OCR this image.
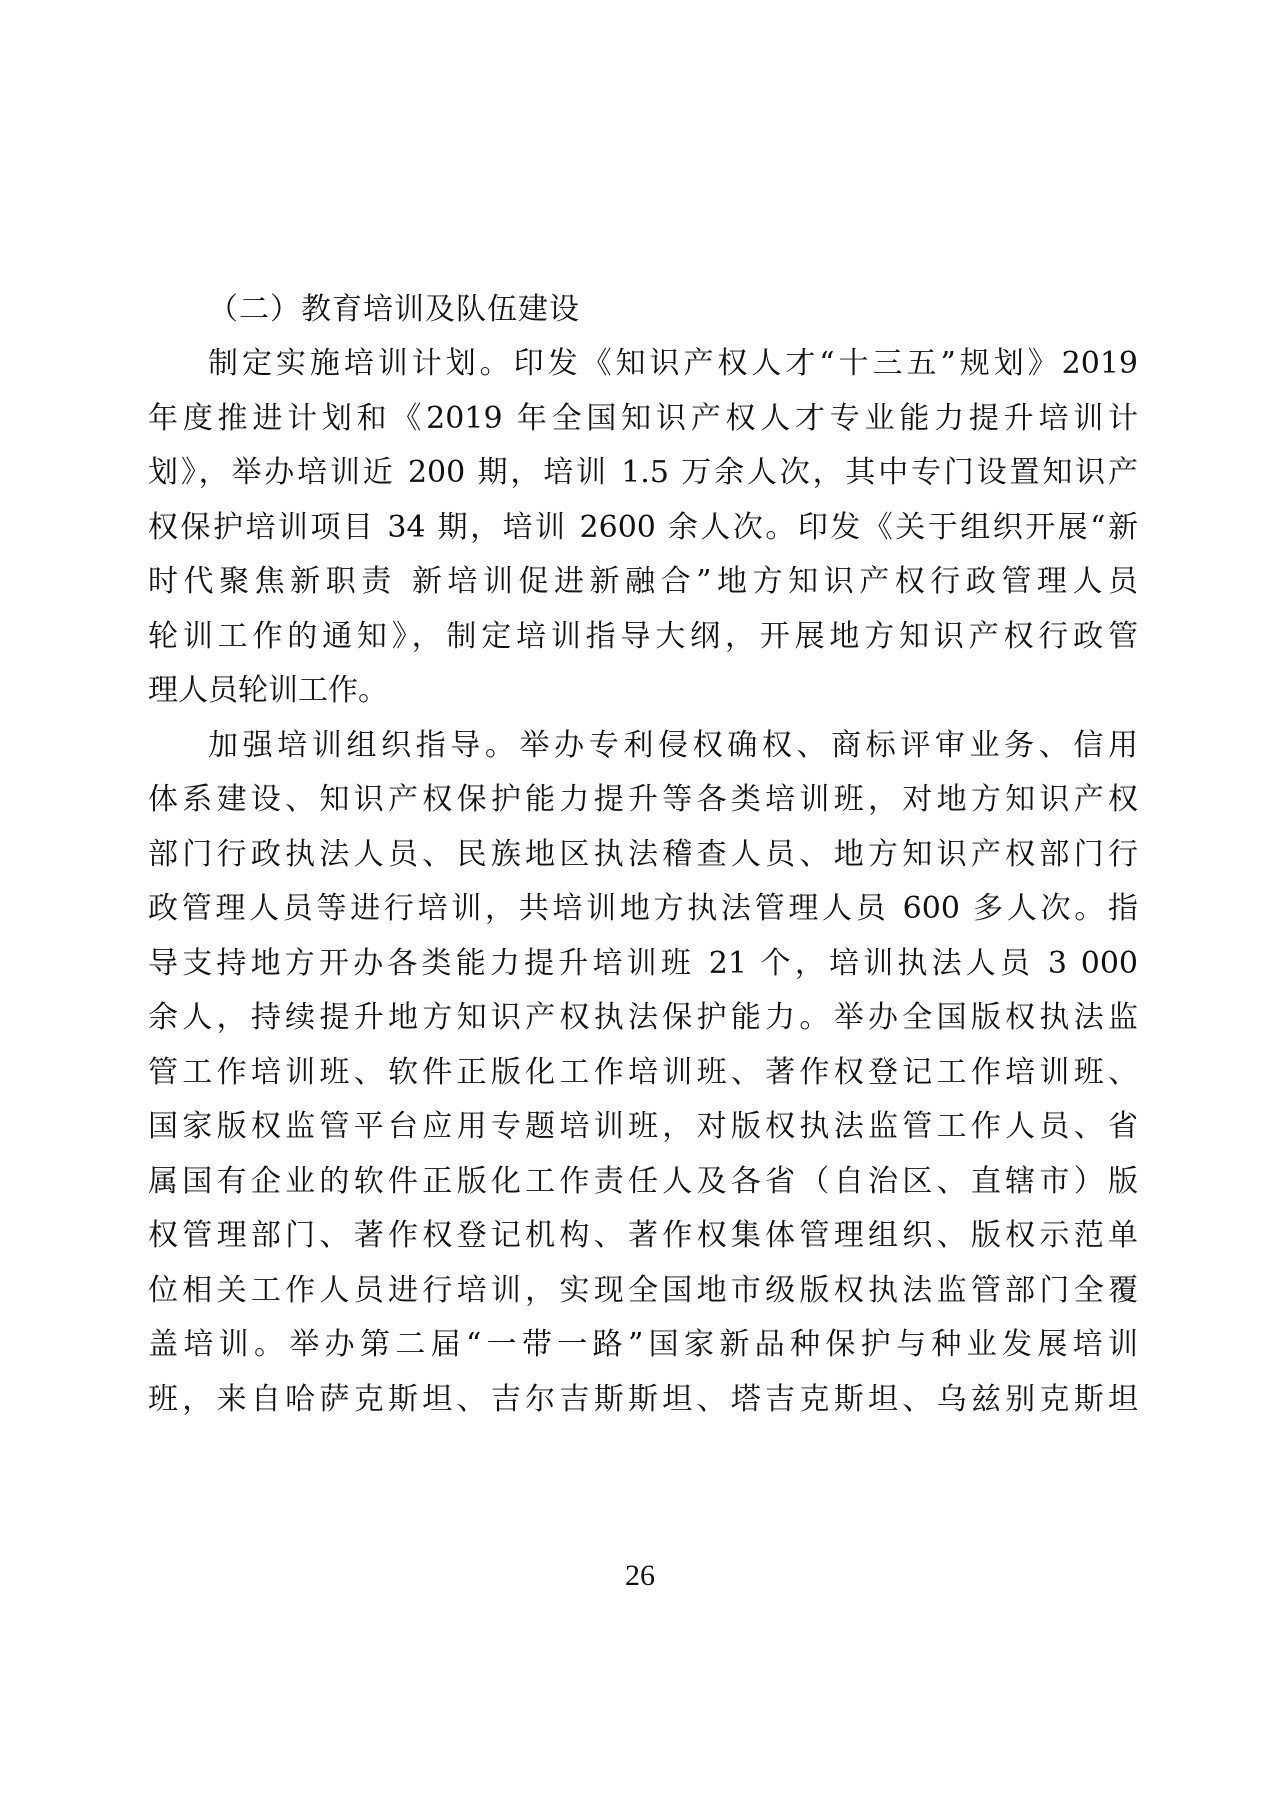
（二）教育培训及队伍建设

制定实施培训计划。印发《知识产权人才“十三五”规划》2019
年度推进计划和《2019 年全国知识产权人才专业能力提升培训计
划》，举办培训近 200 期，培训 1.5 万余人次，其中专门设置知识产
权保护培训项目 34 期，培训 2600 余人次。印发《关于组织开展“新
时代聚焦新职责 新培训促进新融合”地方知识产权行政管理人员
轮训工作的通知》，制定培训指导大纲，开展地方知识产权行政管
理人员轮训工作。

加强培训组织指导。举办专利侵权确权、商标评审业务、信用
体系建设、知识产权保护能力提升等各类培训班，对地方知识产权
部门行政执法人员、民族地区执法稽查人员、地方知识产权部门行
政管理人员等进行培训，共培训地方执法管理人员 600 多人次。指
导支持地方开办各类能力提升培训班 21 个，培训执法人员 3 000
余人，持续提升地方知识产权执法保护能力。举办全国版权执法监
管工作培训班、软件正版化工作培训班、著作权登记工作培训班、
国家版权监管平台应用专题培训班，对版权执法监管工作人员、省
属国有企业的软件正版化工作责任人及各省（自治区、直辖市）版
权管理部门、著作权登记机构、著作权集体管理组织、版权示范单
位相关工作人员进行培训，实现全国地市级版权执法监管部门全覆
盖培训。举办第二届“一带一路”国家新品种保护与种业发展培训
班，来自哈萨克斯坦、吉尔吉斯斯坦、塔吉克斯坦、乌兹别克斯坦

26
